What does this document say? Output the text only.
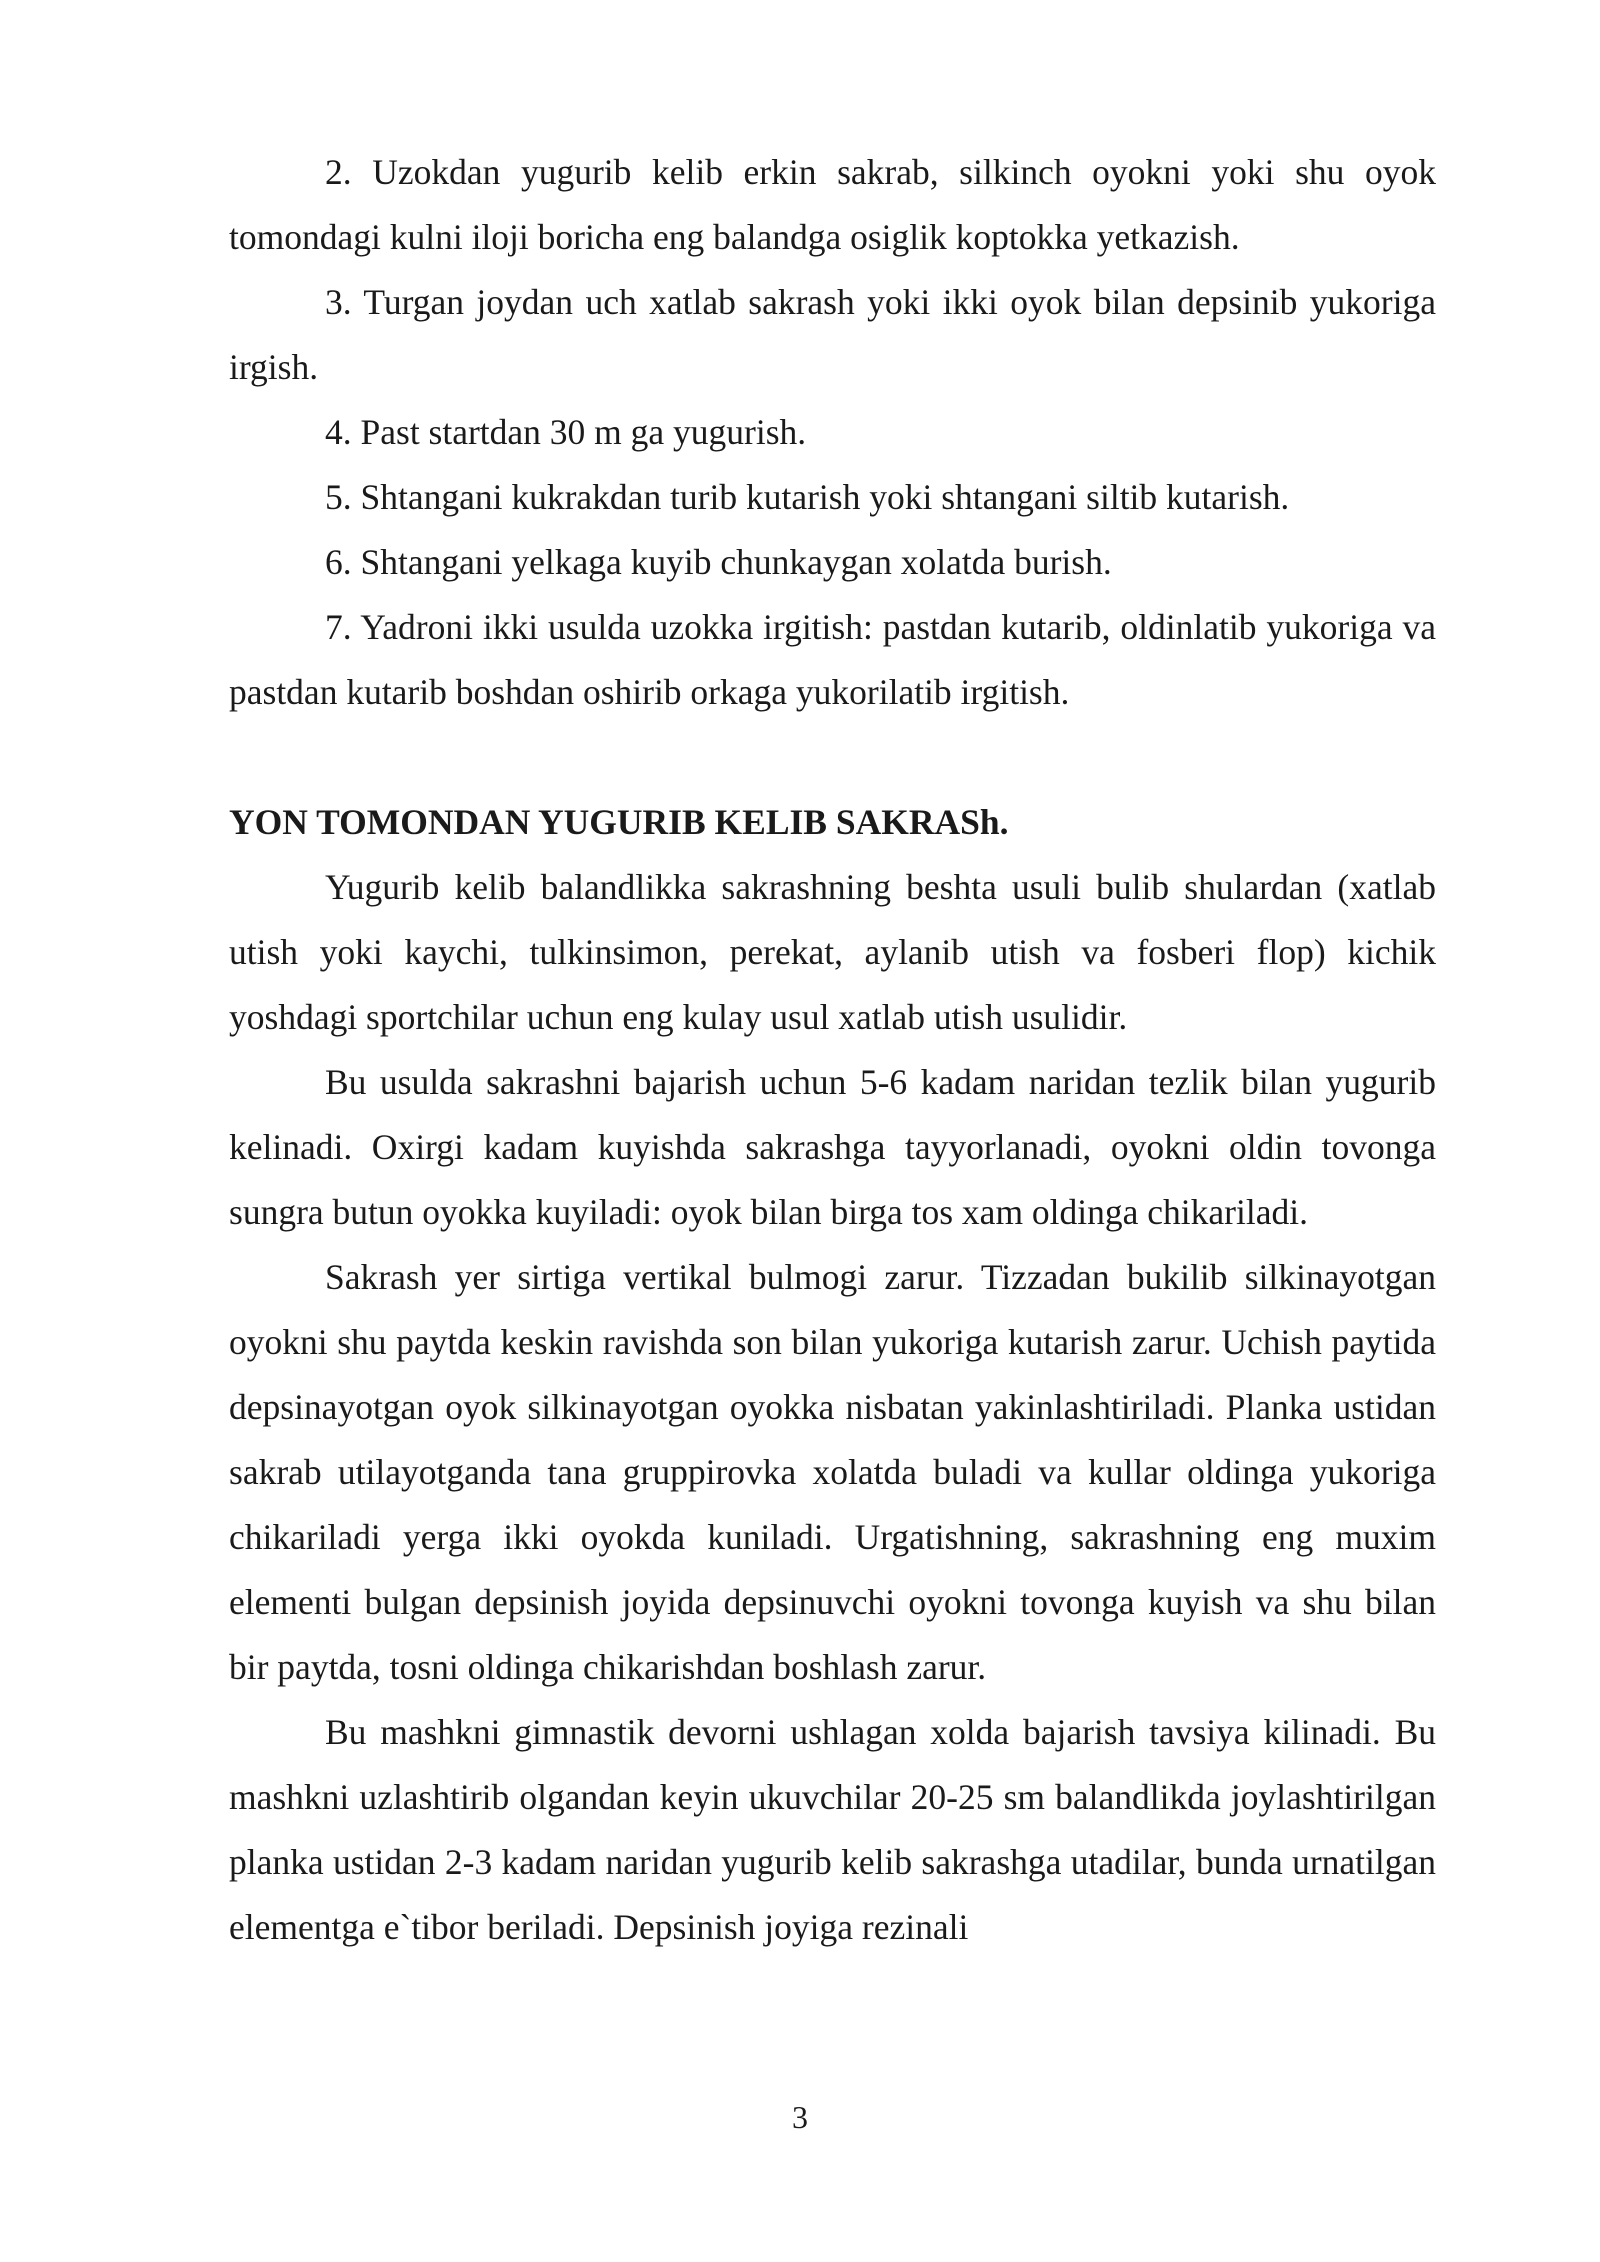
2. Uzokdan yugurib kelib erkin sakrab, silkinch oyokni yoki shu oyok tomondagi kulni iloji boricha eng balandga osiglik koptokka yetkazish.

3. Turgan joydan uch xatlab sakrash yoki ikki oyok bilan depsinib yukoriga irgish.

4. Past startdan 30 m ga yugurish.

5. Shtangani kukrakdan turib kutarish yoki shtangani siltib kutarish.

6. Shtangani yelkaga kuyib chunkaygan xolatda burish.

7. Yadroni ikki usulda uzokka irgitish: pastdan kutarib, oldinlatib yukoriga va pastdan kutarib boshdan oshirib orkaga yukorilatib irgitish.

YON TOMONDAN YUGURIB KELIB SAKRASh.

Yugurib kelib balandlikka sakrashning beshta usuli bulib shulardan (xatlab utish yoki kaychi, tulkinsimon, perekat, aylanib utish va fosberi flop) kichik yoshdagi sportchilar uchun eng kulay usul xatlab utish usulidir.

Bu usulda sakrashni bajarish uchun 5-6 kadam naridan tezlik bilan yugurib kelinadi. Oxirgi kadam kuyishda sakrashga tayyorlanadi, oyokni oldin tovonga sungra butun oyokka kuyiladi: oyok bilan birga tos xam oldinga chikariladi.

Sakrash yer sirtiga vertikal bulmogi zarur. Tizzadan bukilib silkinayotgan oyokni shu paytda keskin ravishda son bilan yukoriga kutarish zarur. Uchish paytida depsinayotgan oyok silkinayotgan oyokka nisbatan yakinlashtiriladi. Planka ustidan sakrab utilayotganda tana gruppirovka xolatda buladi va kullar oldinga yukoriga chikariladi yerga ikki oyokda kuniladi. Urgatishning, sakrashning eng muxim elementi bulgan depsinish joyida depsinuvchi oyokni tovonga kuyish va shu bilan bir paytda, tosni oldinga chikarishdan boshlash zarur.

Bu mashkni gimnastik devorni ushlagan xolda bajarish tavsiya kilinadi. Bu mashkni uzlashtirib olgandan keyin ukuvchilar 20-25 sm balandlikda joylashtirilgan planka ustidan 2-3 kadam naridan yugurib kelib sakrashga utadilar, bunda urnatilgan elementga e`tibor beriladi. Depsinish joyiga rezinali

3
